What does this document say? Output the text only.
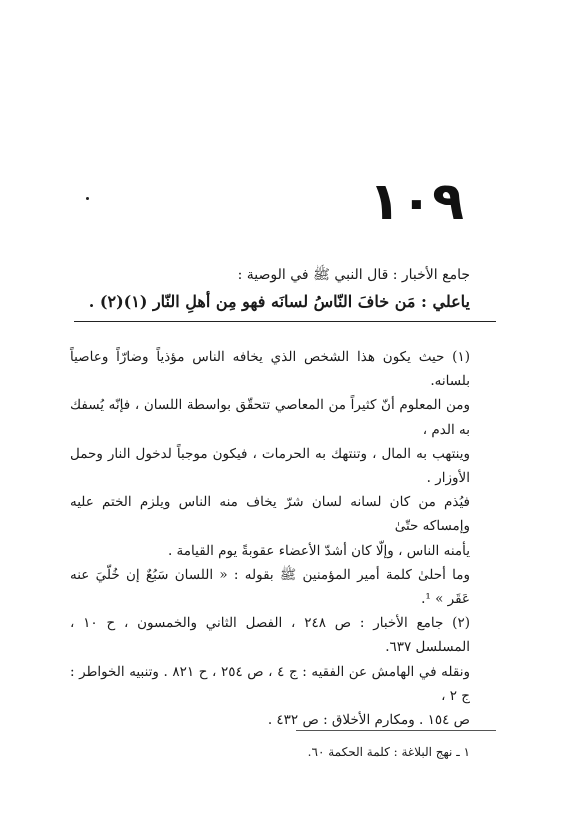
١٠٩
جامع الأخبار : قال النبي ﷺ في الوصية :
ياعلي : مَن خافَ النّاسُ لسانَه فهو مِن أهلِ النّار (١)(٢) .

(١) حيث يكون هذا الشخص الذي يخافه الناس مؤذياً وضارّاً وعاصياً بلسانه.

ومن المعلوم أنّ كثيراً من المعاصي تتحقّق بواسطة اللسان ، فإنّه يُسفك به الدم ،

وينتهب به المال ، وتنتهك به الحرمات ، فيكون موجباً لدخول النار وحمل الأوزار .

فيُذم من كان لسانه لسان شرّ يخاف منه الناس ويلزم الختم عليه وإمساكه حتّىٰ

يأمنه الناس ، وإلّا كان أشدّ الأعضاء عقوبةً يوم القيامة .

وما أحلىٰ كلمة أمير المؤمنين ﷺ بقوله : « اللسان سَبُعٌ إن خُلّيَ عنه عَقَر » ¹.

(٢) جامع الأخبار : ص ٢٤٨ ، الفصل الثاني والخمسون ، ح ١٠ ، المسلسل ٦٣٧.

ونقله في الهامش عن الفقيه : ج ٤ ، ص ٢٥٤ ، ح ٨٢١ . وتنبيه الخواطر : ج ٢ ،

ص ١٥٤ . ومكارم الأخلاق : ص ٤٣٢ .

١ ـ نهج البلاغة : كلمة الحكمة ٦٠.
